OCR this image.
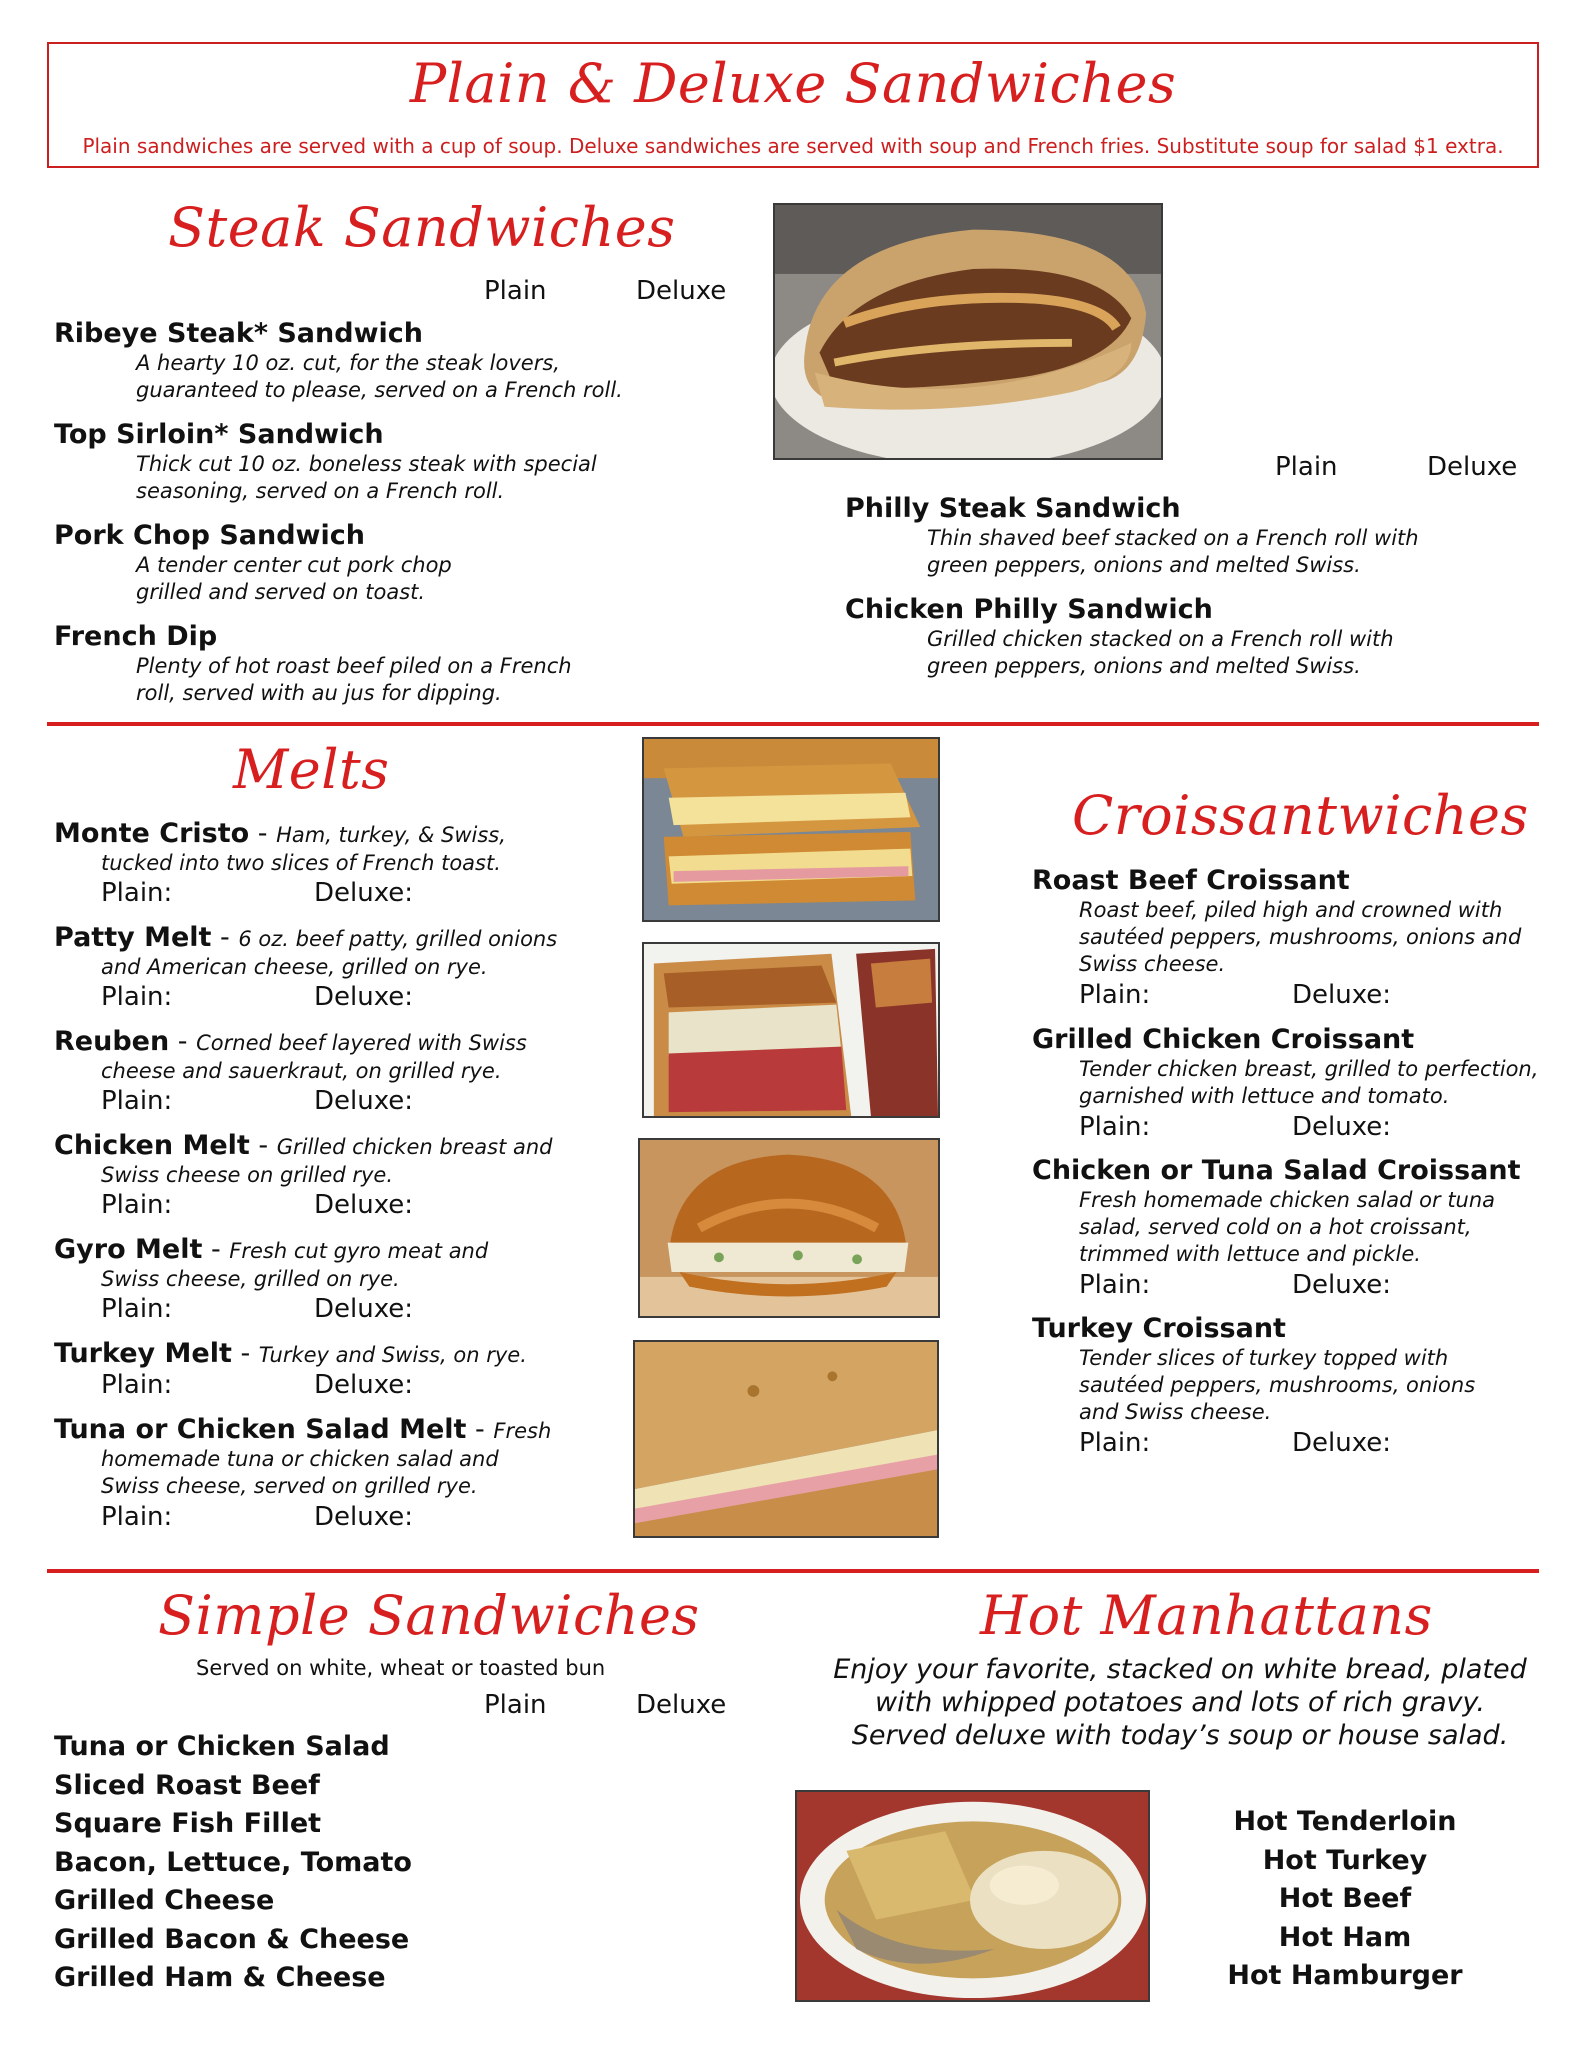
Plain & Deluxe Sandwiches
Plain sandwiches are served with a cup of soup. Deluxe sandwiches are served with soup and French fries. Substitute soup for salad $1 extra.
Steak Sandwiches
Plain	Deluxe
Ribeye Steak* Sandwich
A hearty 10 oz. cut, for the steak lovers, guaranteed to please, served on a French roll.
Top Sirloin* Sandwich
Thick cut 10 oz. boneless steak with special seasoning, served on a French roll.
Pork Chop Sandwich
A tender center cut pork chop grilled and served on toast.
French Dip
Plenty of hot roast beef piled on a French roll, served with au jus for dipping.
Plain	Deluxe
Philly Steak Sandwich
Thin shaved beef stacked on a French roll with green peppers, onions and melted Swiss.
Chicken Philly Sandwich
Grilled chicken stacked on a French roll with green peppers, onions and melted Swiss.
Melts
Monte Cristo - Ham, turkey, & Swiss,
tucked into two slices of French toast.
Plain:	Deluxe:
Patty Melt - 6 oz. beef patty, grilled onions
and American cheese, grilled on rye.
Plain:	Deluxe:
Reuben - Corned beef layered with Swiss
cheese and sauerkraut, on grilled rye.
Plain:	Deluxe:
Chicken Melt - Grilled chicken breast and
Swiss cheese on grilled rye.
Plain:	Deluxe:
Gyro Melt - Fresh cut gyro meat and
Swiss cheese, grilled on rye.
Plain:	Deluxe:
Turkey Melt - Turkey and Swiss, on rye.
Plain:	Deluxe:
Tuna or Chicken Salad Melt - Fresh
homemade tuna or chicken salad and
Swiss cheese, served on grilled rye.
Plain:	Deluxe:
Croissantwiches
Roast Beef Croissant
Roast beef, piled high and crowned with sautéed peppers, mushrooms, onions and Swiss cheese.
Plain:	Deluxe:
Grilled Chicken Croissant
Tender chicken breast, grilled to perfection, garnished with lettuce and tomato.
Plain:	Deluxe:
Chicken or Tuna Salad Croissant
Fresh homemade chicken salad or tuna salad, served cold on a hot croissant, trimmed with lettuce and pickle.
Plain:	Deluxe:
Turkey Croissant
Tender slices of turkey topped with sautéed peppers, mushrooms, onions and Swiss cheese.
Plain:	Deluxe:
Simple Sandwiches
Served on white, wheat or toasted bun
Plain	Deluxe
Tuna or Chicken Salad
Sliced Roast Beef
Square Fish Fillet
Bacon, Lettuce, Tomato
Grilled Cheese
Grilled Bacon & Cheese
Grilled Ham & Cheese
Hot Manhattans
Enjoy your favorite, stacked on white bread, plated
with whipped potatoes and lots of rich gravy.
Served deluxe with today’s soup or house salad.
Hot Tenderloin
Hot Turkey
Hot Beef
Hot Ham
Hot Hamburger
